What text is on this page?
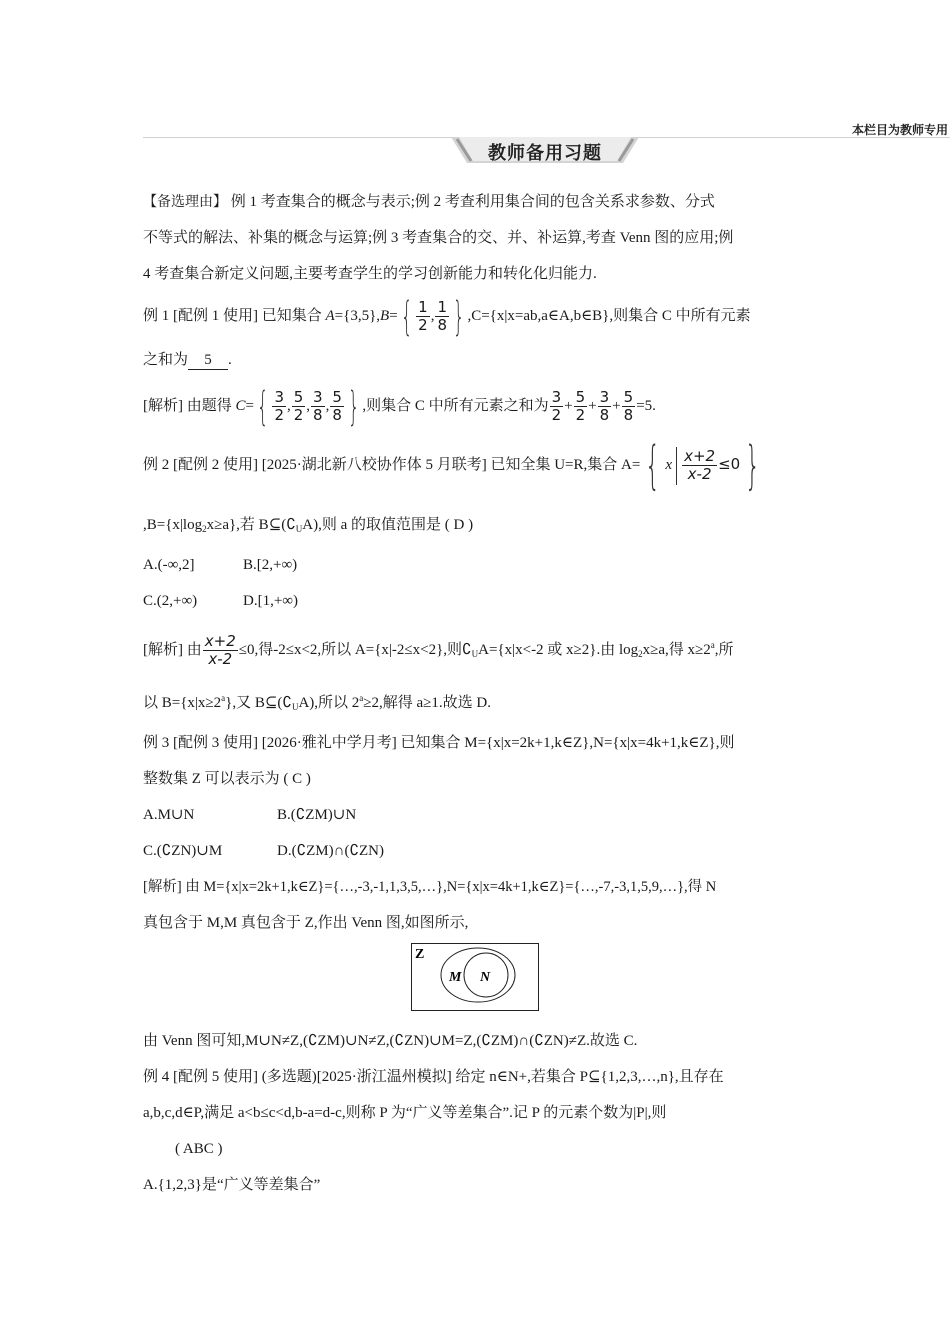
本栏目为教师专用
教师备用习题

【备选理由】 例 1 考查集合的概念与表示;例 2 考查利用集合间的包含关系求参数、分式

不等式的解法、补集的概念与运算;例 3 考查集合的交、并、补运算,考查 Venn 图的应用;例

4 考查集合新定义问题,主要考查学生的学习创新能力和转化化归能力.

例 1 [配例 1 使用] 已知集合 $A=\{3,5\},B=\{ \frac{1}{2}$ , $\frac{1}{8}$ } ,C={x|x=ab,a∈A,b∈B},则集合 C 中所有元素

之和为 5 .

[解析] 由题得 $C=\{ \frac{3}{2}$ , $\frac{5}{2}$ , $\frac{3}{8}$ , $\frac{5}{8}$ } ,则集合 C 中所有元素之和为 $\frac{3}{2} + \frac{5}{2} + \frac{3}{8} + \frac{5}{8} =5$.

例 2 [配例 2 使用] [2025·湖北新八校协作体 5 月联考] 已知全集 U=R,集合 A={ x $\frac{x+2}{x-2} \le 0$}

$,B=\{x|\log_2x\ge a\}$,若 $B⊆(∁_UA)$,则 a 的取值范围是 ( D )

A.(-∞,2]	B.[2,+∞)

C.(2,+∞)	D.[1,+∞)

[解析] 由 $\frac{x+2}{x-2} \le 0$,得-2≤x<2,所以 A={x|-2≤x<2},则$∁_UA=\{x|x<-2$ 或 x≥2}.由 $\log_2x\ge a$,得 $x\ge 2^a$,所

以 $B=\{x|x\ge 2^a\}$,又 $B⊆(∁_UA)$,所以 $2^a\ge 2$,解得 a≥1.故选 D.

例 3 [配例 3 使用] [2026·雅礼中学月考] 已知集合 M={x|x=2k+1,k∈Z},N={x|x=4k+1,k∈Z},则

整数集 Z 可以表示为 ( C )

A.M∪N	B.(∁ZM)∪N

C.(∁ZN)∪M	D.(∁ZM)∩(∁ZN)

[解析] 由 M={x|x=2k+1,k∈Z}={…,-3,-1,1,3,5,…},N={x|x=4k+1,k∈Z}={…,-7,-3,1,5,9,…},得 N

真包含于 M,M 真包含于 Z,作出 Venn 图,如图所示,

Z
M N

由 Venn 图可知,M∪N≠Z,(∁ZM)∪N≠Z,(∁ZN)∪M=Z,(∁ZM)∩(∁ZN)≠Z.故选 C.

例 4 [配例 5 使用] (多选题)[2025·浙江温州模拟] 给定 n∈N+,若集合 P⊆{1,2,3,…,n},且存在

a,b,c,d∈P,满足 a<b≤c<d,b-a=d-c,则称 P 为“广义等差集合”.记 P 的元素个数为|P|,则

( ABC )

A.{1,2,3}是“广义等差集合”
